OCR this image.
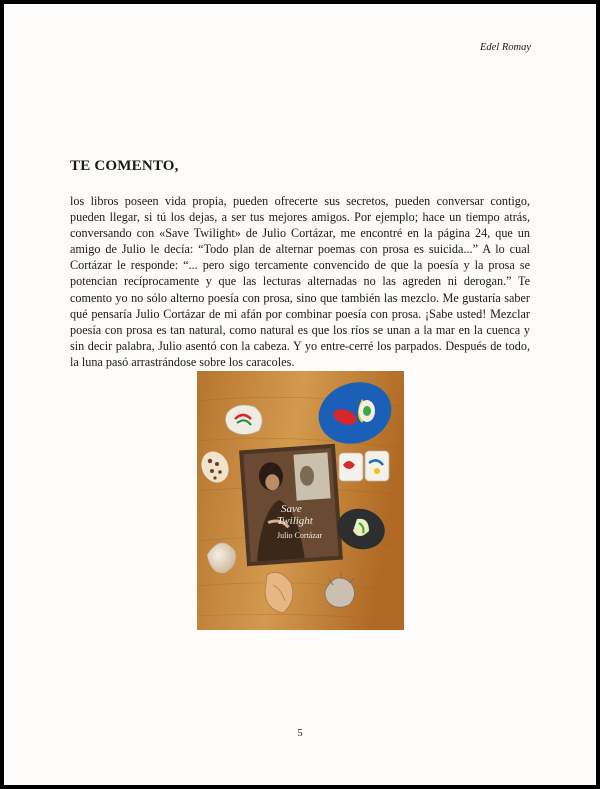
Edel Romay
TE COMENTO,

los libros poseen vida propia, pueden ofrecerte sus secretos, pueden conversar contigo, pueden llegar, si tú los dejas, a ser tus mejores amigos. Por ejemplo; hace un tiempo atrás, conversando con «Save Twilight» de Julio Cortázar, me encontré en la página 24, que un amigo de Julio le decía: “Todo plan de alternar poemas con prosa es suicida...” A lo cual Cortázar le responde: “... pero sigo tercamente convencido de que la poesía y la prosa se potencian recíprocamente y que las lecturas alternadas no las agreden ni derogan.” Te comento yo no sólo alterno poesía con prosa, sino que también las mezclo. Me gustaría saber qué pensaría Julio Cortázar de mi afán por combinar poesía con prosa. ¡Sabe usted! Mezclar poesía con prosa es tan natural, como natural es que los ríos se unan a la mar en la cuenca y sin decir palabra, Julio asentó con la cabeza. Y yo entre-cerré los parpados. Después de todo, la luna pasó arrastrándose sobre los caracoles.

Save
Twilight
Julio Cortázar
5
